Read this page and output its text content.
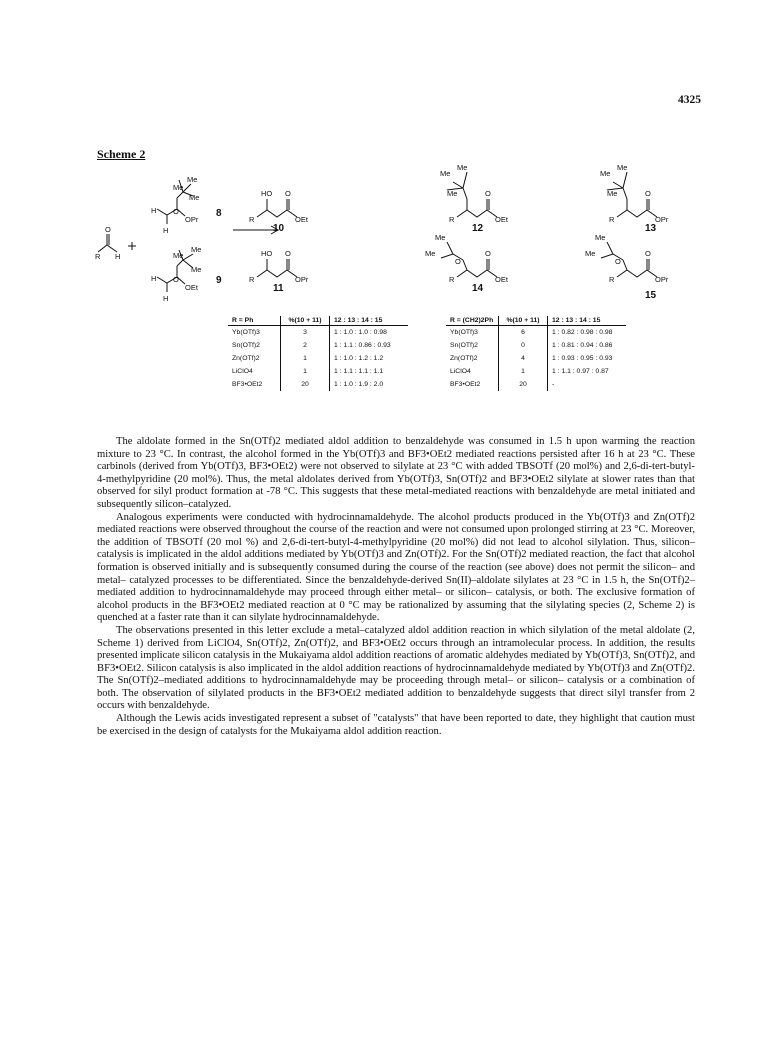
4325
Scheme 2
R H
O
Me
Me
Me
O
OPr
H
H
Me
Me
Me
O
OEt
H
H
R
HO O
OEt
R
HO O
OPr
Me
Me
Me
R
O
OEt
Me
Me
Me
R
O
OPr
Me
Me
O
R
O
OEt
Me
Me
O
R
O
OPr
8
9
10
11
12	13
14
15
R = Ph	%(10 + 11)	12 : 13 : 14 : 15
Yb(OTf)3	3	1 : 1.0 : 1.0 : 0.98
Sn(OTf)2	2	1 : 1.1 : 0.86 : 0.93
Zn(OTf)2	1	1 : 1.0 : 1.2 : 1.2
LiClO4	1	1 : 1.1 : 1.1 : 1.1
BF3•OEt2	20	1 : 1.0 : 1.9 : 2.0
R = (CH2)2Ph	%(10 + 11)	12 : 13 : 14 : 15
Yb(OTf)3	6	1 : 0.82 : 0.98 : 0.98
Sn(OTf)2	0	1 : 0.81 : 0.94 : 0.86
Zn(OTf)2	4	1 : 0.93 : 0.95 : 0.93
LiClO4	1	1 : 1.1 : 0.97 : 0.87
BF3•OEt2	20	-

The aldolate formed in the Sn(OTf)2 mediated aldol addition to benzaldehyde was consumed in 1.5 h upon warming the reaction mixture to 23 °C. In contrast, the alcohol formed in the Yb(OTf)3 and BF3•OEt2 mediated reactions persisted after 16 h at 23 °C. These carbinols (derived from Yb(OTf)3, BF3•OEt2) were not observed to silylate at 23 °C with added TBSOTf (20 mol%) and 2,6-di-tert-butyl-4-methylpyridine (20 mol%). Thus, the metal aldolates derived from Yb(OTf)3, Sn(OTf)2 and BF3•OEt2 silylate at slower rates than that observed for silyl product formation at -78 °C. This suggests that these metal-mediated reactions with benzaldehyde are metal initiated and subsequently silicon–catalyzed.

Analogous experiments were conducted with hydrocinnamaldehyde. The alcohol products produced in the Yb(OTf)3 and Zn(OTf)2 mediated reactions were observed throughout the course of the reaction and were not consumed upon prolonged stirring at 23 °C. Moreover, the addition of TBSOTf (20 mol %) and 2,6-di-tert-butyl-4-methylpyridine (20 mol%) did not lead to alcohol silylation. Thus, silicon–catalysis is implicated in the aldol additions mediated by Yb(OTf)3 and Zn(OTf)2. For the Sn(OTf)2 mediated reaction, the fact that alcohol formation is observed initially and is subsequently consumed during the course of the reaction (see above) does not permit the silicon– and metal– catalyzed processes to be differentiated. Since the benzaldehyde-derived Sn(II)–aldolate silylates at 23 °C in 1.5 h, the Sn(OTf)2–mediated addition to hydrocinnamaldehyde may proceed through either metal– or silicon– catalysis, or both. The exclusive formation of alcohol products in the BF3•OEt2 mediated reaction at 0 °C may be rationalized by assuming that the silylating species (2, Scheme 2) is quenched at a faster rate than it can silylate hydrocinnamaldehyde.

The observations presented in this letter exclude a metal–catalyzed aldol addition reaction in which silylation of the metal aldolate (2, Scheme 1) derived from LiClO4, Sn(OTf)2, Zn(OTf)2, and BF3•OEt2 occurs through an intramolecular process. In addition, the results presented implicate silicon catalysis in the Mukaiyama aldol addition reactions of aromatic aldehydes mediated by Yb(OTf)3, Sn(OTf)2, and BF3•OEt2. Silicon catalysis is also implicated in the aldol addition reactions of hydrocinnamaldehyde mediated by Yb(OTf)3 and Zn(OTf)2. The Sn(OTf)2–mediated additions to hydrocinnamaldehyde may be proceeding through metal– or silicon– catalysis or a combination of both. The observation of silylated products in the BF3•OEt2 mediated addition to benzaldehyde suggests that direct silyl transfer from 2 occurs with benzaldehyde.

Although the Lewis acids investigated represent a subset of "catalysts" that have been reported to date, they highlight that caution must be exercised in the design of catalysts for the Mukaiyama aldol addition reaction.
